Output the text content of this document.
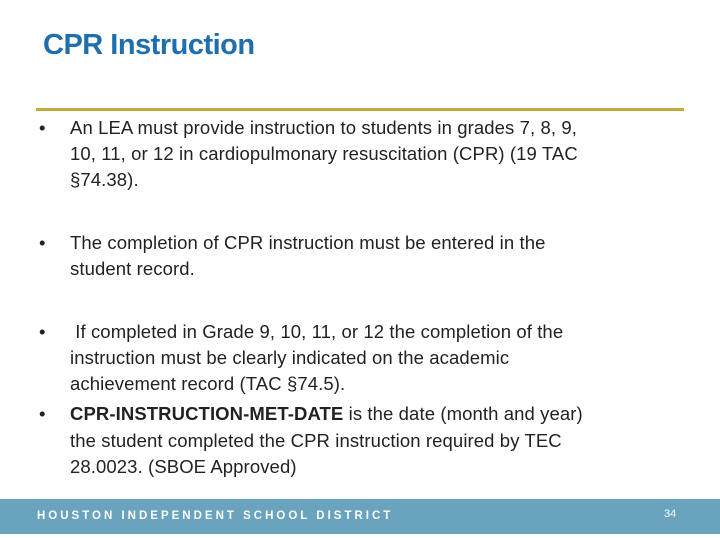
CPR Instruction
• An LEA must provide instruction to students in grades 7, 8, 9,
10, 11, or 12 in cardiopulmonary resuscitation (CPR) (19 TAC
§74.38).
• The completion of CPR instruction must be entered in the
student record.
• If completed in Grade 9, 10, 11, or 12 the completion of the
instruction must be clearly indicated on the academic
achievement record (TAC §74.5).
• CPR-INSTRUCTION-MET-DATE is the date (month and year)
the student completed the CPR instruction required by TEC
28.0023. (SBOE Approved)
HOUSTON INDEPENDENT SCHOOL DISTRICT	34
